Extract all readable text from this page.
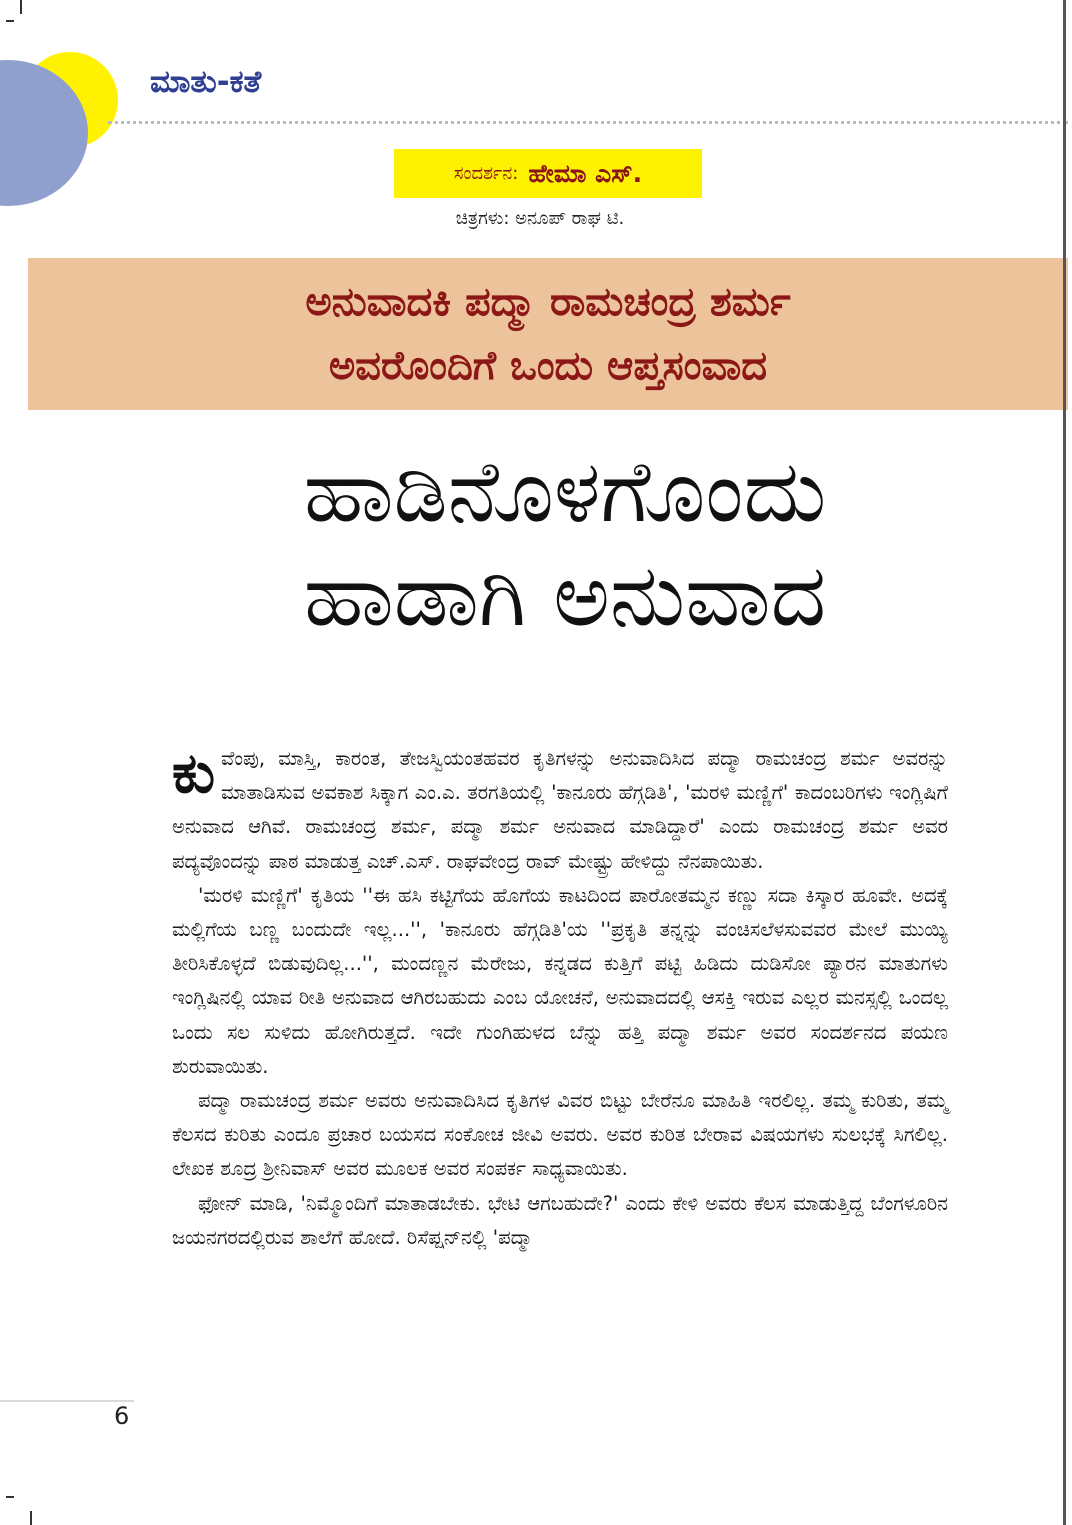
ಮಾತು-ಕತೆ
ಸಂದರ್ಶನ: ಹೇಮಾ ಎಸ್.
ಚಿತ್ರಗಳು: ಅನೂಪ್ ರಾಘ ಟಿ.
ಅನುವಾದಕಿ ಪದ್ಮಾ ರಾಮಚಂದ್ರ ಶರ್ಮ
ಅವರೊಂದಿಗೆ ಒಂದು ಆಪ್ತಸಂವಾದ
ಹಾಡಿನೊಳಗೊಂದು
ಹಾಡಾಗಿ ಅನುವಾದ

ಕುವೆಂಪು, ಮಾಸ್ತಿ, ಕಾರಂತ, ತೇಜಸ್ವಿಯಂತಹವರ ಕೃತಿಗಳನ್ನು ಅನುವಾದಿಸಿದ ಪದ್ಮಾ ರಾಮಚಂದ್ರ ಶರ್ಮ ಅವರನ್ನು ಮಾತಾಡಿಸುವ ಅವಕಾಶ ಸಿಕ್ಕಾಗ ಎಂ.ಎ. ತರಗತಿಯಲ್ಲಿ 'ಕಾನೂರು ಹೆಗ್ಗಡಿತಿ', 'ಮರಳಿ ಮಣ್ಣಿಗೆ' ಕಾದಂಬರಿಗಳು ಇಂಗ್ಲಿಷಿಗೆ ಅನುವಾದ ಆಗಿವೆ. ರಾಮಚಂದ್ರ ಶರ್ಮ, ಪದ್ಮಾ ಶರ್ಮ ಅನುವಾದ ಮಾಡಿದ್ದಾರೆ' ಎಂದು ರಾಮಚಂದ್ರ ಶರ್ಮ ಅವರ ಪದ್ಯವೊಂದನ್ನು ಪಾಠ ಮಾಡುತ್ತ ಎಚ್.ಎಸ್. ರಾಘವೇಂದ್ರ ರಾವ್ ಮೇಷ್ಟ್ರು ಹೇಳಿದ್ದು ನೆನಪಾಯಿತು.

'ಮರಳಿ ಮಣ್ಣಿಗೆ' ಕೃತಿಯ ''ಈ ಹಸಿ ಕಟ್ಟಿಗೆಯ ಹೊಗೆಯ ಕಾಟದಿಂದ ಪಾರೋತಮ್ಮನ ಕಣ್ಣು ಸದಾ ಕಿಸ್ಕಾರ ಹೂವೇ. ಅದಕ್ಕೆ ಮಲ್ಲಿಗೆಯ ಬಣ್ಣ ಬಂದುದೇ ಇಲ್ಲ...'', 'ಕಾನೂರು ಹೆಗ್ಗಡಿತಿ'ಯ ''ಪ್ರಕೃತಿ ತನ್ನನ್ನು ವಂಚಿಸಲೆಳಸುವವರ ಮೇಲೆ ಮುಯ್ಯಿ ತೀರಿಸಿಕೊಳ್ಳದೆ ಬಿಡುವುದಿಲ್ಲ...'', ಮಂದಣ್ಣನ ಮೆರೇಜು, ಕನ್ನಡದ ಕುತ್ತಿಗೆ ಪಟ್ಟಿ ಹಿಡಿದು ದುಡಿಸೋ ಪ್ಯಾರನ ಮಾತುಗಳು ಇಂಗ್ಲಿಷಿನಲ್ಲಿ ಯಾವ ರೀತಿ ಅನುವಾದ ಆಗಿರಬಹುದು ಎಂಬ ಯೋಚನೆ, ಅನುವಾದದಲ್ಲಿ ಆಸಕ್ತಿ ಇರುವ ಎಲ್ಲರ ಮನಸ್ಸಲ್ಲಿ ಒಂದಲ್ಲ ಒಂದು ಸಲ ಸುಳಿದು ಹೋಗಿರುತ್ತದೆ. ಇದೇ ಗುಂಗಿಹುಳದ ಬೆನ್ನು ಹತ್ತಿ ಪದ್ಮಾ ಶರ್ಮ ಅವರ ಸಂದರ್ಶನದ ಪಯಣ ಶುರುವಾಯಿತು.

ಪದ್ಮಾ ರಾಮಚಂದ್ರ ಶರ್ಮ ಅವರು ಅನುವಾದಿಸಿದ ಕೃತಿಗಳ ವಿವರ ಬಿಟ್ಟು ಬೇರೆನೂ ಮಾಹಿತಿ ಇರಲಿಲ್ಲ. ತಮ್ಮ ಕುರಿತು, ತಮ್ಮ ಕೆಲಸದ ಕುರಿತು ಎಂದೂ ಪ್ರಚಾರ ಬಯಸದ ಸಂಕೋಚ ಜೀವಿ ಅವರು. ಅವರ ಕುರಿತ ಬೇರಾವ ವಿಷಯಗಳು ಸುಲಭಕ್ಕೆ ಸಿಗಲಿಲ್ಲ. ಲೇಖಕ ಶೂದ್ರ ಶ್ರೀನಿವಾಸ್ ಅವರ ಮೂಲಕ ಅವರ ಸಂಪರ್ಕ ಸಾಧ್ಯವಾಯಿತು.

ಫೋನ್ ಮಾಡಿ, 'ನಿಮ್ಮೊಂದಿಗೆ ಮಾತಾಡಬೇಕು. ಭೇಟಿ ಆಗಬಹುದೇ?' ಎಂದು ಕೇಳಿ ಅವರು ಕೆಲಸ ಮಾಡುತ್ತಿದ್ದ ಬೆಂಗಳೂರಿನ ಜಯನಗರದಲ್ಲಿರುವ ಶಾಲೆಗೆ ಹೋದೆ. ರಿಸೆಪ್ಷನ್‌ನಲ್ಲಿ 'ಪದ್ಮಾ

6
